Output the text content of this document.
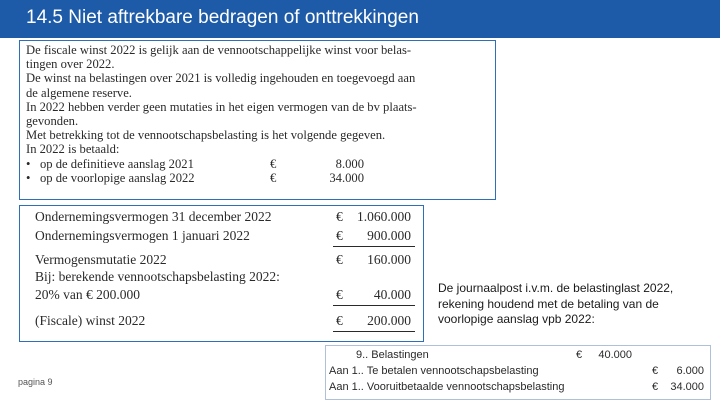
14.5 Niet aftrekbare bedragen of onttrekkingen
De fiscale winst 2022 is gelijk aan de vennootschappelijke winst voor belas-
tingen over 2022.
De winst na belastingen over 2021 is volledig ingehouden en toegevoegd aan
de algemene reserve.
In 2022 hebben verder geen mutaties in het eigen vermogen van de bv plaats-
gevonden.
Met betrekking tot de vennootschapsbelasting is het volgende gegeven.
In 2022 is betaald:
• op de definitieve aanslag 2021	€	8.000
• op de voorlopige aanslag 2022	€	34.000
Ondernemingsvermogen 31 december 2022	€ 1.060.000
Ondernemingsvermogen 1 januari 2022	€ 900.000
Vermogensmutatie 2022	€ 160.000
Bij: berekende vennootschapsbelasting 2022:
20% van € 200.000	€ 40.000
(Fiscale) winst 2022	€ 200.000
De journaalpost i.v.m. de belastinglast 2022, rekening houdend met de betaling van de voorlopige aanslag vpb 2022:
9.. Belastingen	€	40.000
Aan 1.. Te betalen vennootschapsbelasting	€	6.000
Aan 1.. Vooruitbetaalde vennootschapsbelasting	€	34.000
pagina 9
